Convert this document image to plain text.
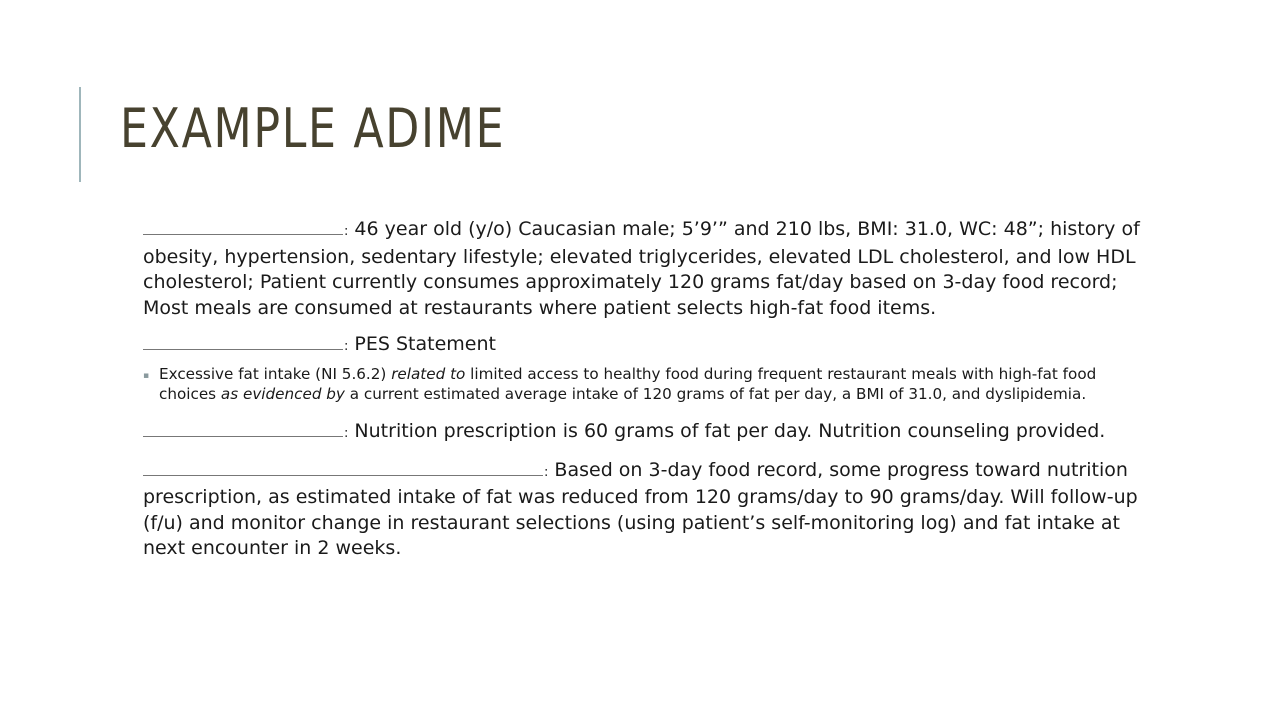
EXAMPLE ADIME

: 46 year old (y/o) Caucasian male; 5’9’” and 210 lbs, BMI: 31.0, WC: 48”; history of obesity, hypertension, sedentary lifestyle; elevated triglycerides, elevated LDL cholesterol, and low HDL cholesterol; Patient currently consumes approximately 120 grams fat/day based on 3-day food record; Most meals are consumed at restaurants where patient selects high-fat food items.

: PES Statement

▪ Excessive fat intake (NI 5.6.2) related to limited access to healthy food during frequent restaurant meals with high-fat food choices as evidenced by a current estimated average intake of 120 grams of fat per day, a BMI of 31.0, and dyslipidemia.

: Nutrition prescription is 60 grams of fat per day. Nutrition counseling provided.

: Based on 3-day food record, some progress toward nutrition prescription, as estimated intake of fat was reduced from 120 grams/day to 90 grams/day. Will follow-up (f/u) and monitor change in restaurant selections (using patient’s self-monitoring log) and fat intake at next encounter in 2 weeks.
